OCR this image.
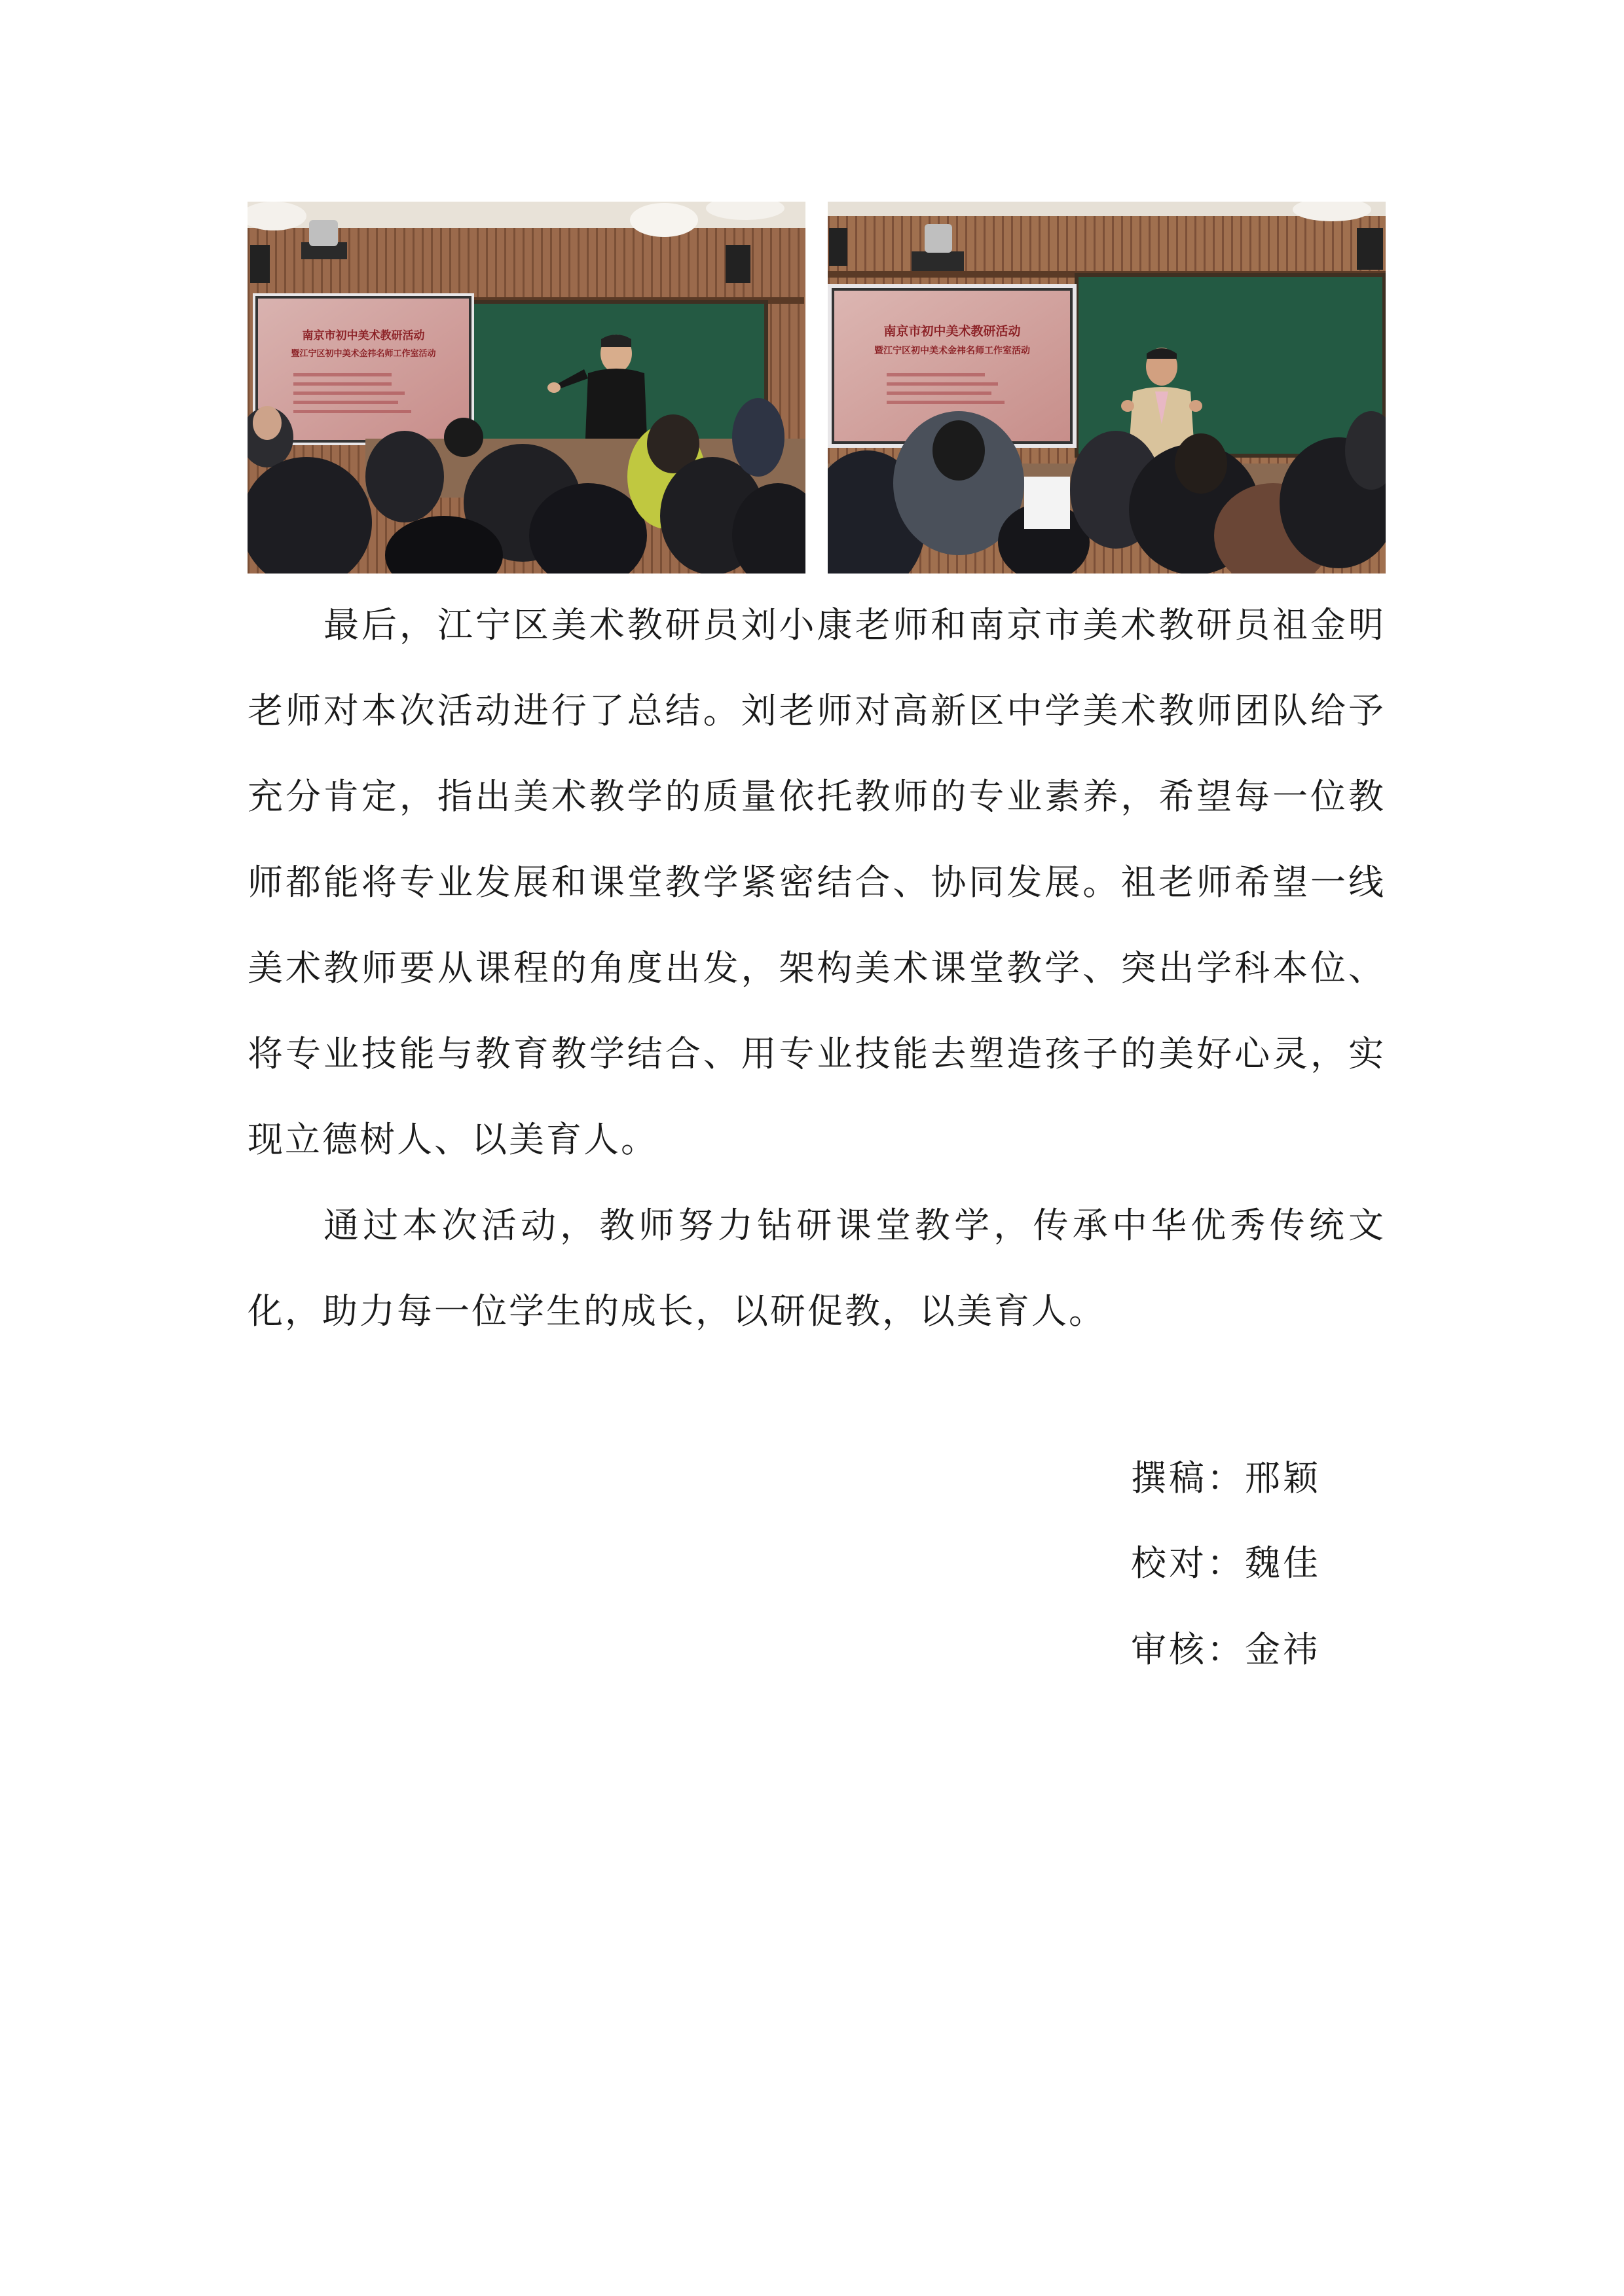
南京市初中美术教研活动
暨江宁区初中美术金祎名师工作室活动
南京市初中美术教研活动
暨江宁区初中美术金祎名师工作室活动

最后，江宁区美术教研员刘小康老师和南京市美术教研员祖金明老师对本次活动进行了总结。刘老师对高新区中学美术教师团队给予充分肯定，指出美术教学的质量依托教师的专业素养，希望每一位教师都能将专业发展和课堂教学紧密结合、协同发展。祖老师希望一线美术教师要从课程的角度出发，架构美术课堂教学、突出学科本位、将专业技能与教育教学结合、用专业技能去塑造孩子的美好心灵，实现立德树人、以美育人。

通过本次活动，教师努力钻研课堂教学，传承中华优秀传统文化，助力每一位学生的成长，以研促教，以美育人。

撰稿：邢颖
校对：魏佳
审核：金祎
